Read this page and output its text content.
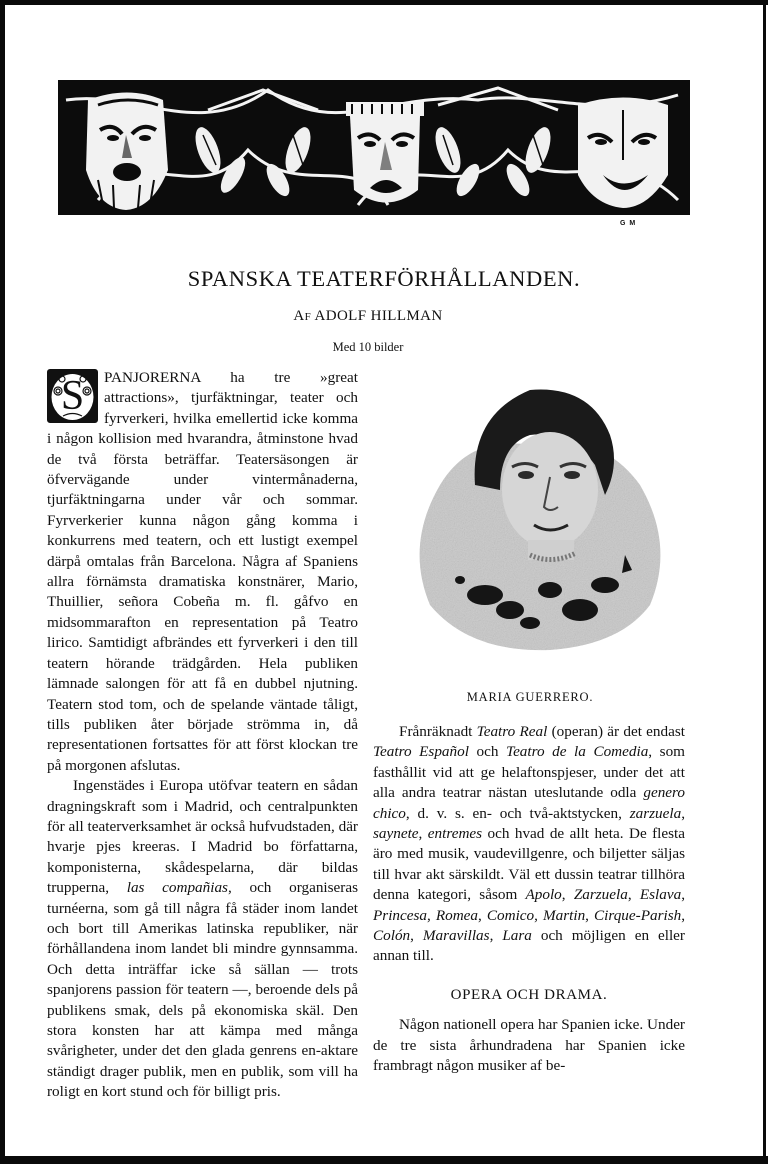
G M
SPANSKA TEATERFÖRHÅLLANDEN.
AF ADOLF HILLMAN
Med 10 bilder

S	PANJORERNA ha tre »great attractions», tjurfäktningar, teater och fyrverkeri, hvilka emellertid icke komma i någon kollision med hvarandra, åtminstone hvad de två första beträffar. Teatersäsongen är öfvervägande under vintermånaderna, tjurfäktningarna under vår och sommar. Fyrverkerier kunna någon gång komma i konkurrens med teatern, och ett lustigt exempel därpå omtalas från Barcelona. Några af Spaniens allra förnämsta dramatiska konstnärer, Mario, Thuillier, señora Cobeña m. fl. gåfvo en midsommarafton en representation på Teatro lirico. Samtidigt afbrändes ett fyrverkeri i den till teatern hörande trädgården. Hela publiken lämnade salongen för att få en dubbel njutning. Teatern stod tom, och de spelande väntade tåligt, tills publiken åter började strömma in, då representationen fortsattes för att först klockan tre på morgonen afslutas.

Ingenstädes i Europa utöfvar teatern en sådan dragningskraft som i Madrid, och centralpunkten för all teaterverksamhet är också hufvudstaden, där hvarje pjes kreeras. I Madrid bo författarna, komponisterna, skådespelarna, där bildas trupperna, las compañias, och organiseras turnéerna, som gå till några få städer inom landet och bort till Amerikas latinska republiker, när förhållandena inom landet bli mindre gynnsamma. Och detta inträffar icke så sällan — trots spanjorens passion för teatern —, beroende dels på publikens smak, dels på ekonomiska skäl. Den stora konsten har att kämpa med många svårigheter, under det den glada genrens en-aktare ständigt drager publik, men en publik, som vill ha roligt en kort stund och för billigt pris.

MARIA GUERRERO.

Frånräknadt Teatro Real (operan) är det endast Teatro Español och Teatro de la Comedia, som fasthållit vid att ge helaftonspjeser, under det att alla andra teatrar nästan uteslutande odla genero chico, d. v. s. en- och två-aktstycken, zarzuela, saynete, entremes och hvad de allt heta. De flesta äro med musik, vaudevillgenre, och biljetter säljas till hvar akt särskildt. Väl ett dussin teatrar tillhöra denna kategori, såsom Apolo, Zarzuela, Eslava, Princesa, Romea, Comico, Martin, Cirque-Parish, Colón, Maravillas, Lara och möjligen en eller annan till.

OPERA OCH DRAMA.

Någon nationell opera har Spanien icke. Under de tre sista århundradena har Spanien icke frambragt någon musiker af be-
